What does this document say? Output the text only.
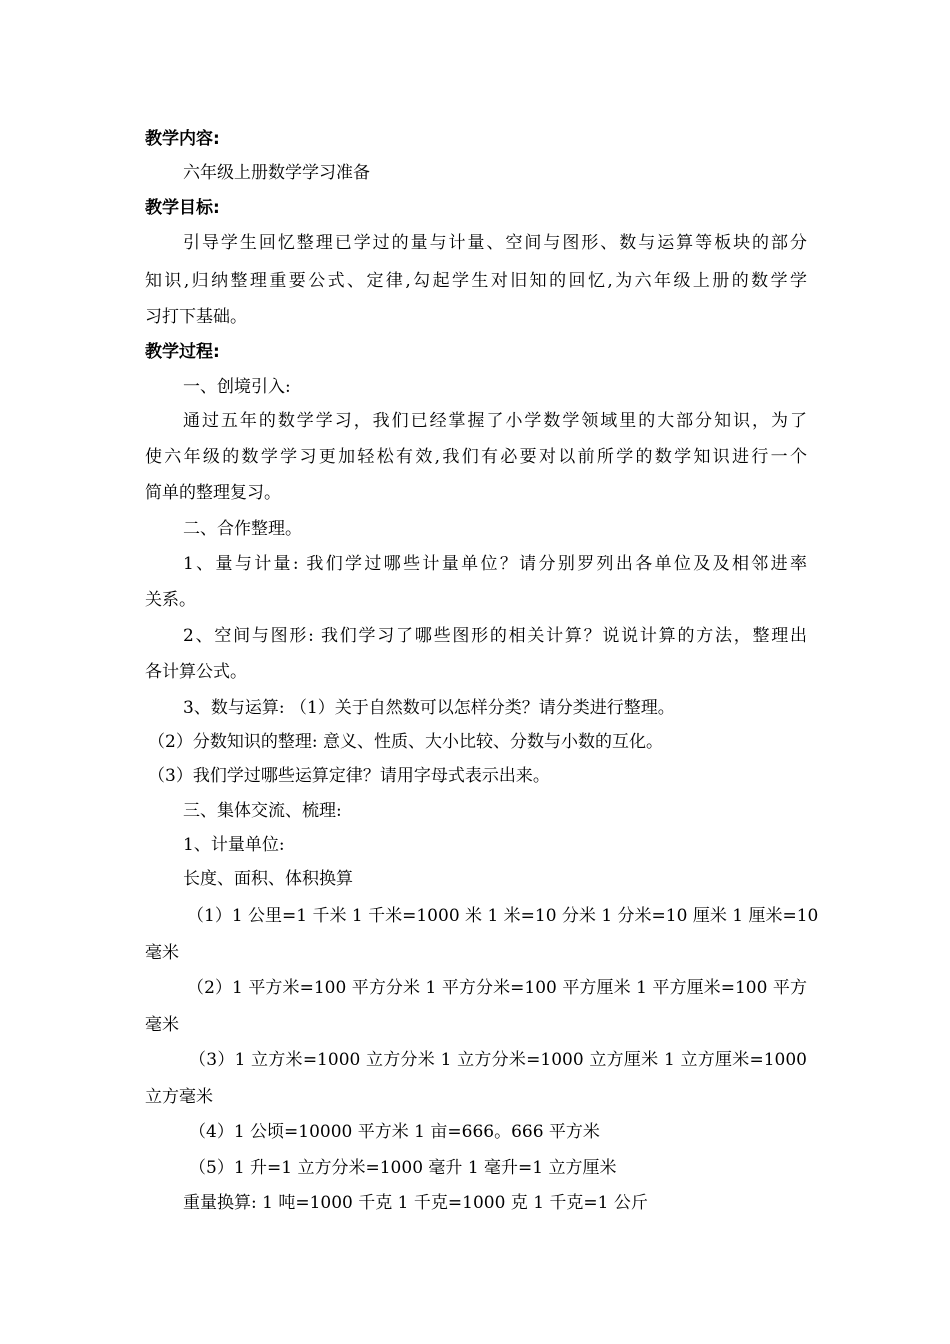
教学内容:
六年级上册数学学习准备
教学目标:
引导学生回忆整理已学过的量与计量、空间与图形、数与运算等板块的部分
知识,归纳整理重要公式、定律,勾起学生对旧知的回忆,为六年级上册的数学学
习打下基础。
教学过程:
一、创境引入:
通过五年的数学学习，我们已经掌握了小学数学领域里的大部分知识，为了
使六年级的数学学习更加轻松有效,我们有必要对以前所学的数学知识进行一个
简单的整理复习。
二、合作整理。
1、量与计量: 我们学过哪些计量单位？请分别罗列出各单位及及相邻进率
关系。
2、空间与图形: 我们学习了哪些图形的相关计算？说说计算的方法，整理出
各计算公式。
3、数与运算: （1）关于自然数可以怎样分类？请分类进行整理。
（2）分数知识的整理: 意义、性质、大小比较、分数与小数的互化。
（3）我们学过哪些运算定律？请用字母式表示出来。
三、集体交流、梳理:
1、计量单位:
长度、面积、体积换算
（1）1 公里=1 千米 1 千米=1000 米 1 米=10 分米 1 分米=10 厘米 1 厘米=10
毫米
（2）1 平方米=100 平方分米 1 平方分米=100 平方厘米 1 平方厘米=100 平方
毫米
（3）1 立方米=1000 立方分米 1 立方分米=1000 立方厘米 1 立方厘米=1000
立方毫米
（4）1 公顷=10000 平方米 1 亩=666。666 平方米
（5）1 升=1 立方分米=1000 毫升 1 毫升=1 立方厘米
重量换算: 1 吨=1000 千克 1 千克=1000 克 1 千克=1 公斤
